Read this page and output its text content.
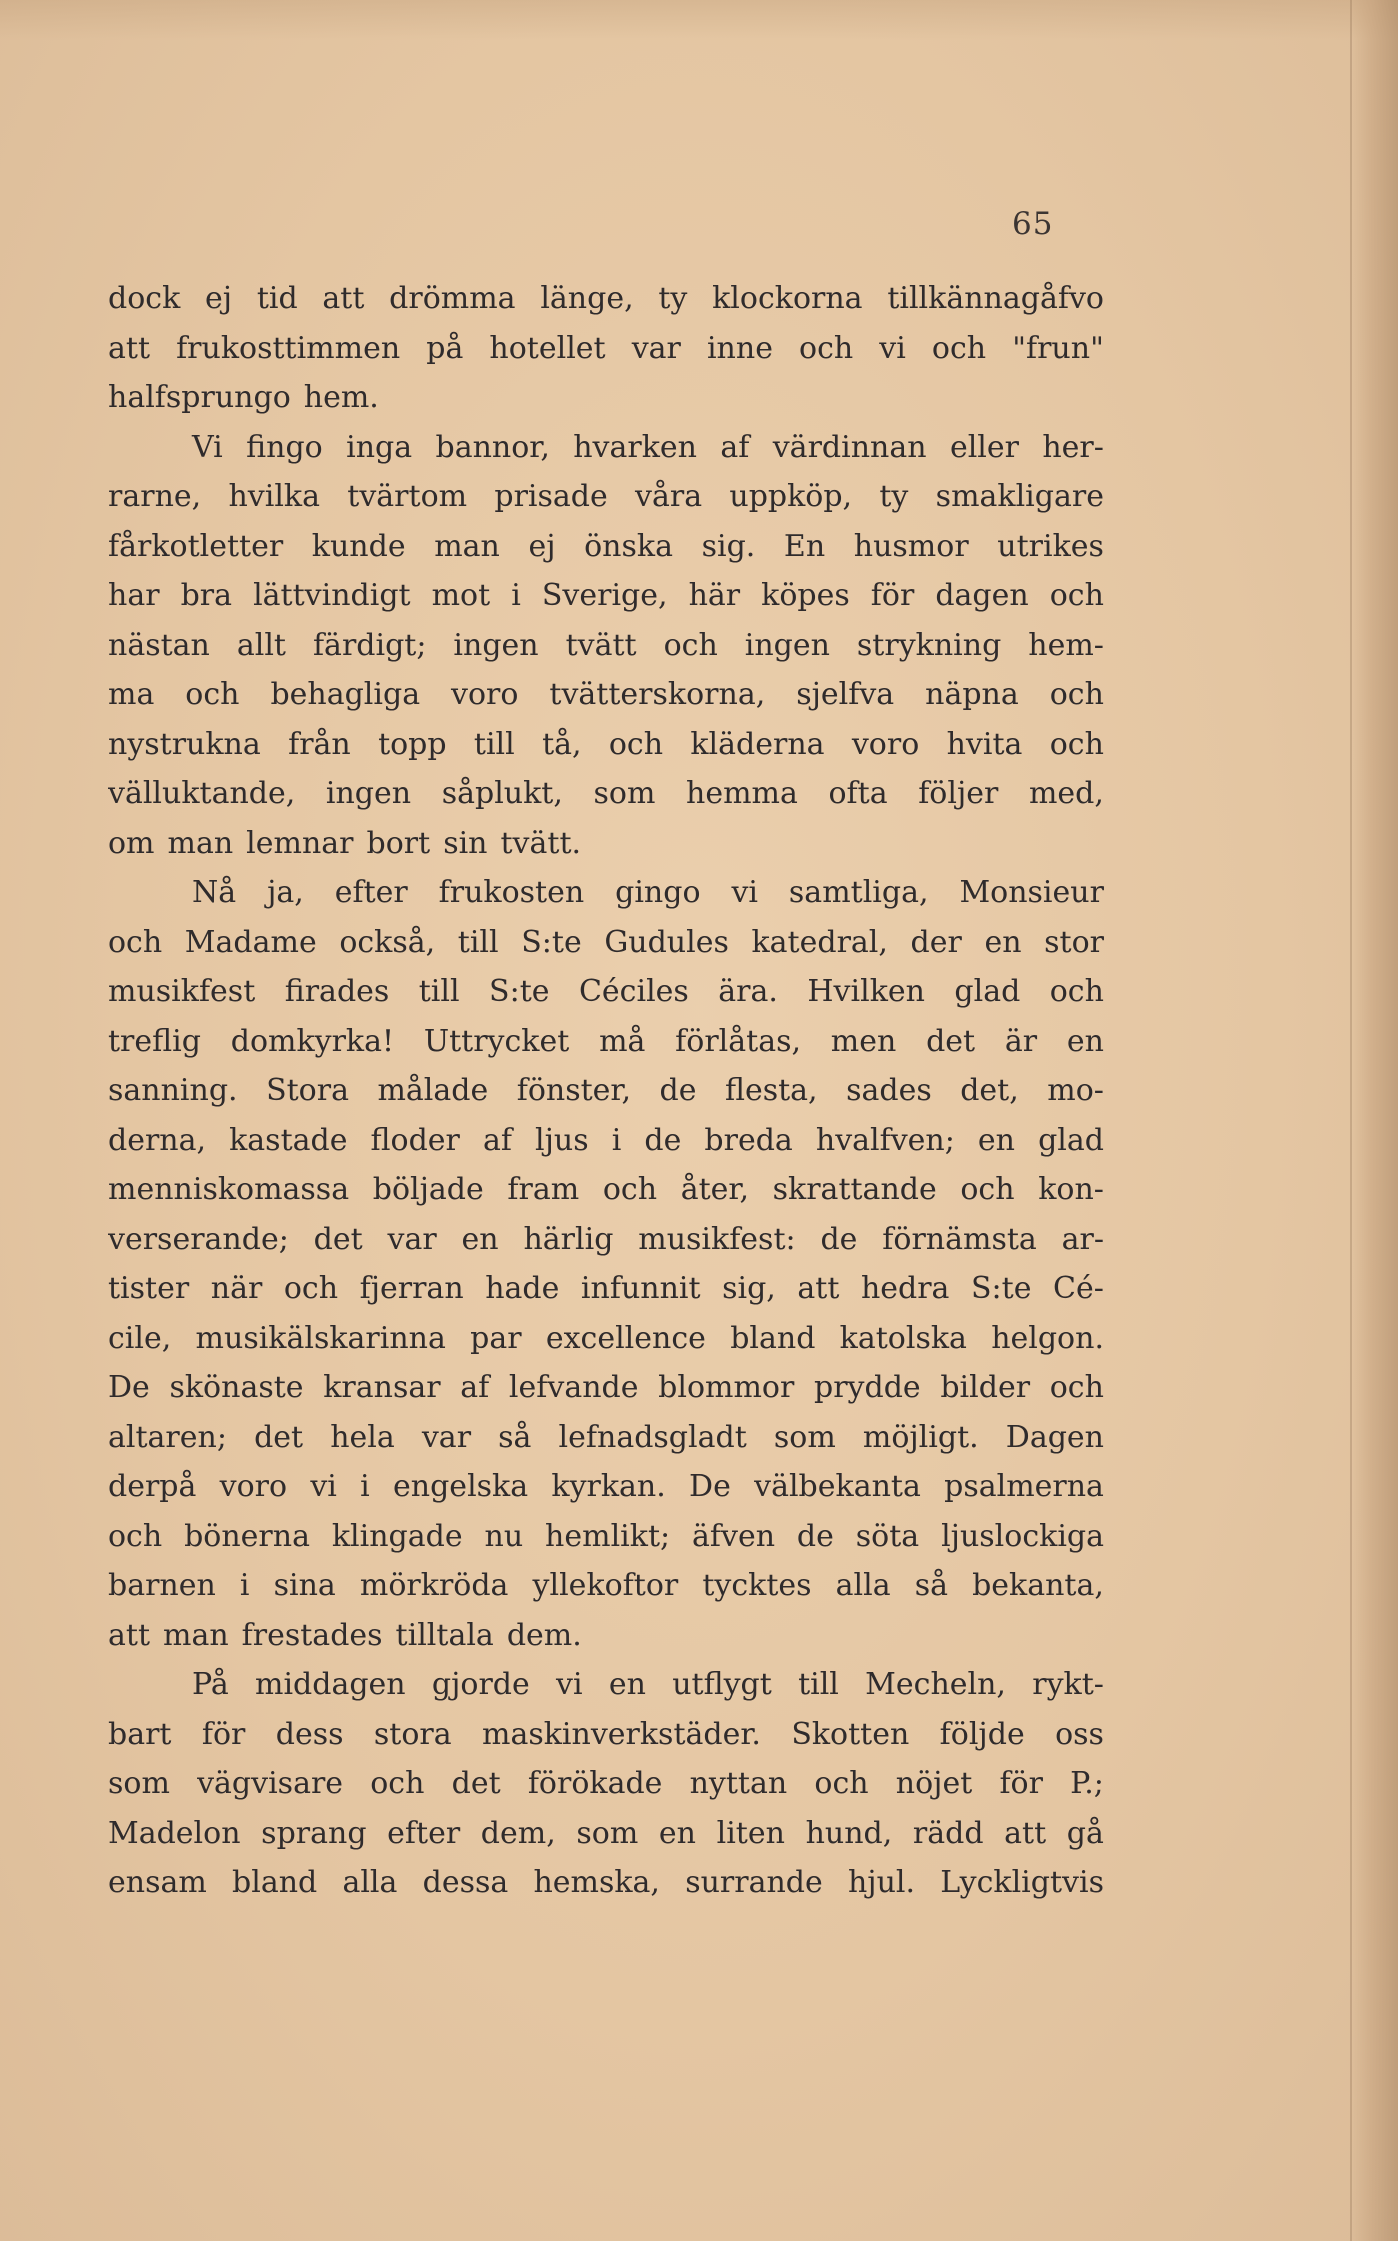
65
dock ej tid att drömma länge, ty klockorna tillkännagåfvo
att frukosttimmen på hotellet var inne och vi och "frun"
halfsprungo hem.
Vi fingo inga bannor, hvarken af värdinnan eller her-
rarne, hvilka tvärtom prisade våra uppköp, ty smakligare
fårkotletter kunde man ej önska sig. En husmor utrikes
har bra lättvindigt mot i Sverige, här köpes för dagen och
nästan allt färdigt; ingen tvätt och ingen strykning hem-
ma och behagliga voro tvätterskorna, sjelfva näpna och
nystrukna från topp till tå, och kläderna voro hvita och
välluktande, ingen såplukt, som hemma ofta följer med,
om man lemnar bort sin tvätt.
Nå ja, efter frukosten gingo vi samtliga, Monsieur
och Madame också, till S:te Gudules katedral, der en stor
musikfest firades till S:te Céciles ära. Hvilken glad och
treflig domkyrka! Uttrycket må förlåtas, men det är en
sanning. Stora målade fönster, de flesta, sades det, mo-
derna, kastade floder af ljus i de breda hvalfven; en glad
menniskomassa böljade fram och åter, skrattande och kon-
verserande; det var en härlig musikfest: de förnämsta ar-
tister när och fjerran hade infunnit sig, att hedra S:te Cé-
cile, musikälskarinna par excellence bland katolska helgon.
De skönaste kransar af lefvande blommor prydde bilder och
altaren; det hela var så lefnadsgladt som möjligt. Dagen
derpå voro vi i engelska kyrkan. De välbekanta psalmerna
och bönerna klingade nu hemlikt; äfven de söta ljuslockiga
barnen i sina mörkröda yllekoftor tycktes alla så bekanta,
att man frestades tilltala dem.
På middagen gjorde vi en utflygt till Mecheln, rykt-
bart för dess stora maskinverkstäder. Skotten följde oss
som vägvisare och det förökade nyttan och nöjet för P.;
Madelon sprang efter dem, som en liten hund, rädd att gå
ensam bland alla dessa hemska, surrande hjul. Lyckligtvis
